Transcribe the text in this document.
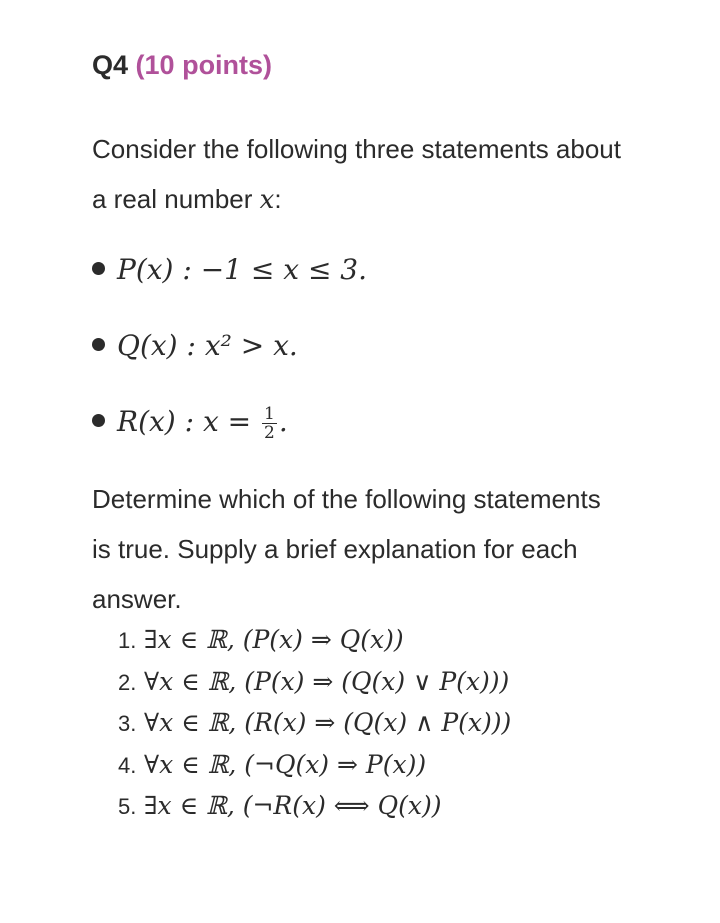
Q4 (10 points)
Consider the following three statements about a real number x:
P(x) : −1 ≤ x ≤ 3.
Q(x) : x² > x.
R(x) : $x = \frac{1}{2}$ .
Determine which of the following statements is true. Supply a brief explanation for each answer.
1. ∃x ∈ ℝ, (P(x) ⇒ Q(x))
2. ∀x ∈ ℝ, (P(x) ⇒ (Q(x) ∨ P(x)))
3. ∀x ∈ ℝ, (R(x) ⇒ (Q(x) ∧ P(x)))
4. ∀x ∈ ℝ, (¬Q(x) ⇒ P(x))
5. ∃x ∈ ℝ, (¬R(x) ⟺ Q(x))
